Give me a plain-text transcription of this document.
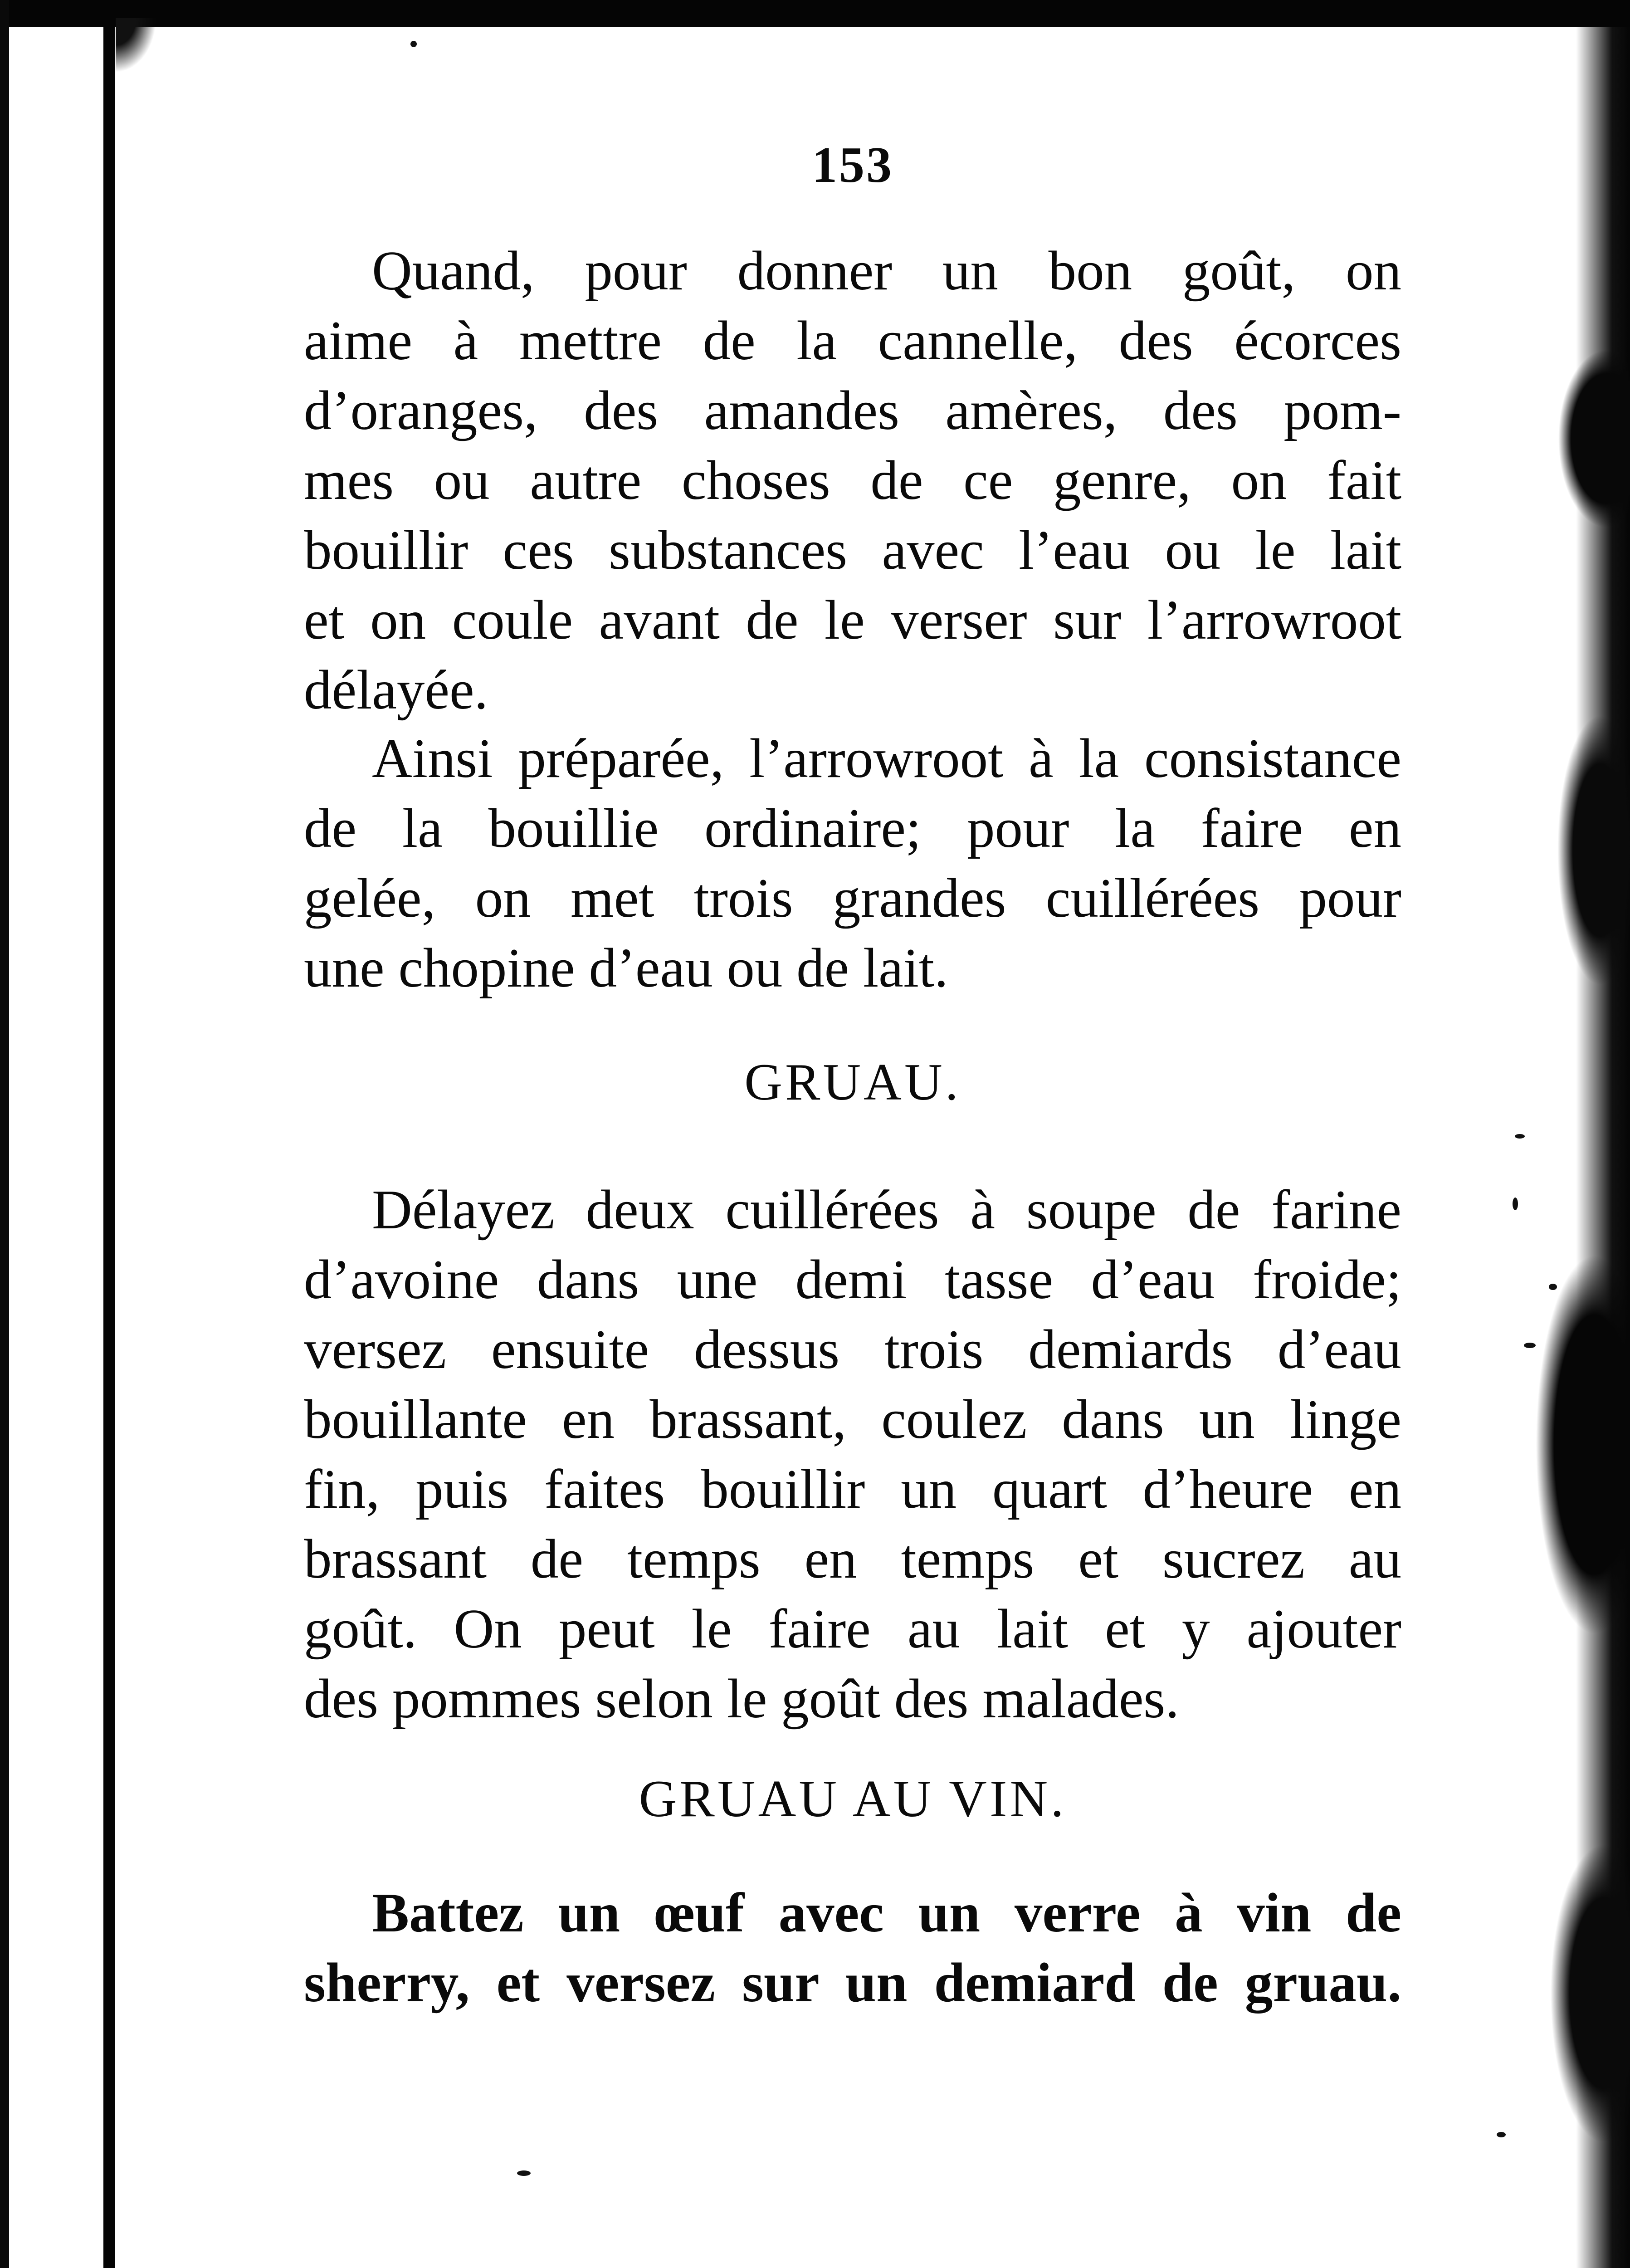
153
Quand, pour donner un bon goût, on
aime à mettre de la cannelle, des écorces
d’oranges, des amandes amères, des pom-
mes ou autre choses de ce genre, on fait
bouillir ces substances avec l’eau ou le lait
et on coule avant de le verser sur l’arrowroot
délayée.
Ainsi préparée, l’arrowroot à la consistance
de la bouillie ordinaire; pour la faire en
gelée, on met trois grandes cuillérées pour
une chopine d’eau ou de lait.
GRUAU.
Délayez deux cuillérées à soupe de farine
d’avoine dans une demi tasse d’eau froide;
versez ensuite dessus trois demiards d’eau
bouillante en brassant, coulez dans un linge
fin, puis faites bouillir un quart d’heure en
brassant de temps en temps et sucrez au
goût. On peut le faire au lait et y ajouter
des pommes selon le goût des malades.
GRUAU AU VIN.
Battez un œuf avec un verre à vin de
sherry, et versez sur un demiard de gruau.
